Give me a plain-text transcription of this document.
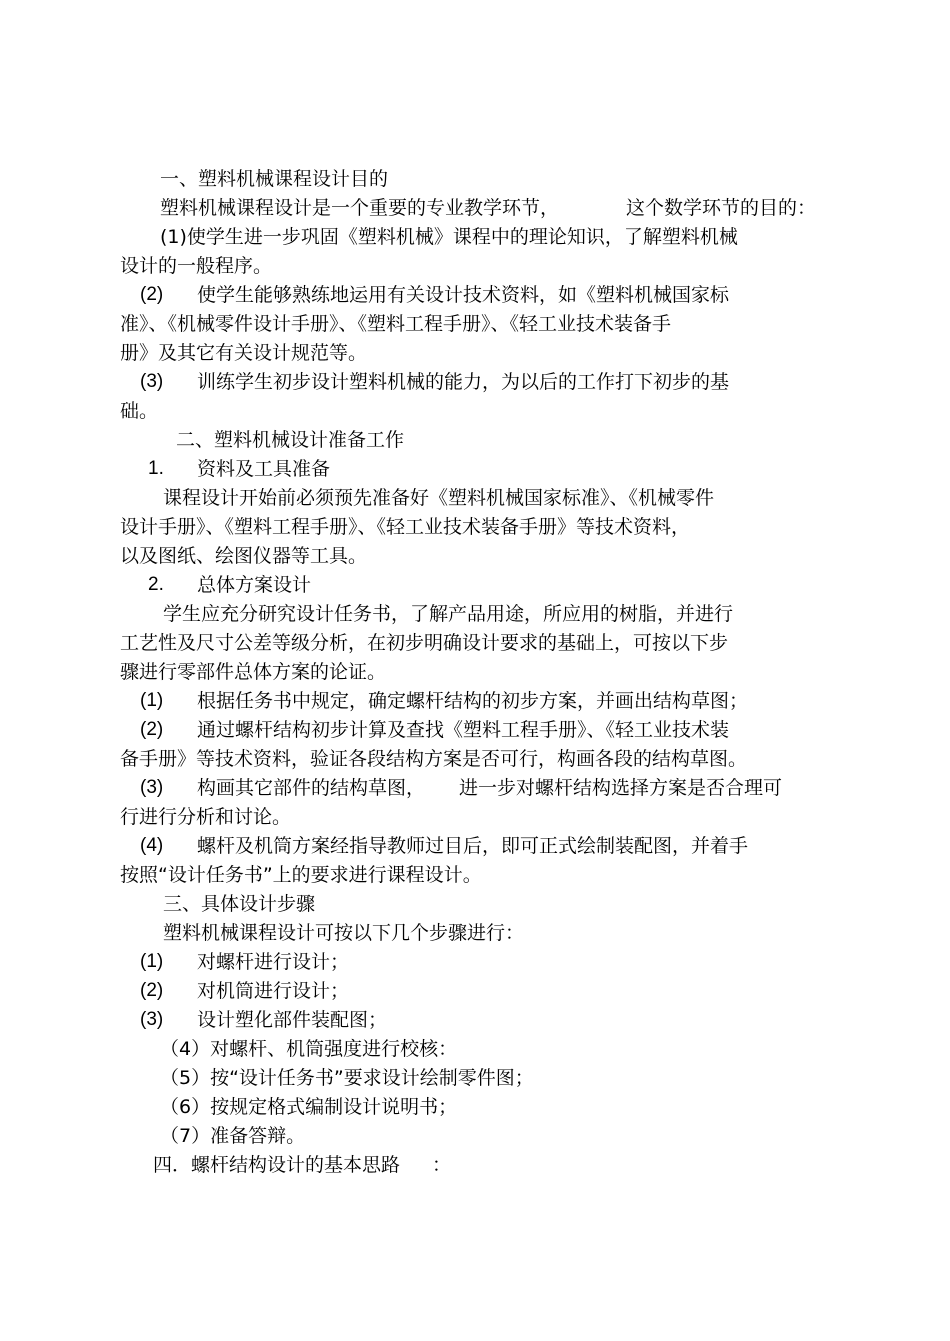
一、塑料机械课程设计目的
塑料机械课程设计是一个重要的专业教学环节，	这个数学环节的目的：
(1)使学生进一步巩固《塑料机械》课程中的理论知识，了解塑料机械
设计的一般程序。
(2) 使学生能够熟练地运用有关设计技术资料，如《塑料机械国家标
准》、《机械零件设计手册》、《塑料工程手册》、《轻工业技术装备手
册》及其它有关设计规范等。
(3) 训练学生初步设计塑料机械的能力，为以后的工作打下初步的基
础。
二、塑料机械设计准备工作
1. 资料及工具准备
课程设计开始前必须预先准备好《塑料机械国家标准》、《机械零件
设计手册》、《塑料工程手册》、《轻工业技术装备手册》等技术资料，
以及图纸、绘图仪器等工具。
2. 总体方案设计
学生应充分研究设计任务书，了解产品用途，所应用的树脂，并进行
工艺性及尺寸公差等级分析，在初步明确设计要求的基础上，可按以下步
骤进行零部件总体方案的论证。
(1) 根据任务书中规定，确定螺杆结构的初步方案，并画出结构草图；
(2) 通过螺杆结构初步计算及查找《塑料工程手册》、《轻工业技术装
备手册》等技术资料，验证各段结构方案是否可行，构画各段的结构草图。
(3) 构画其它部件的结构草图， 进一步对螺杆结构选择方案是否合理可
行进行分析和讨论。
(4) 螺杆及机筒方案经指导教师过目后，即可正式绘制装配图，并着手
按照“设计任务书”上的要求进行课程设计。
三、具体设计步骤
塑料机械课程设计可按以下几个步骤进行：
(1) 对螺杆进行设计；
(2) 对机筒进行设计；
(3) 设计塑化部件装配图；
（4）对螺杆、机筒强度进行校核：
（5）按“设计任务书”要求设计绘制零件图；
（6）按规定格式编制设计说明书；
（7）准备答辩。
四．螺杆结构设计的基本思路 ：
